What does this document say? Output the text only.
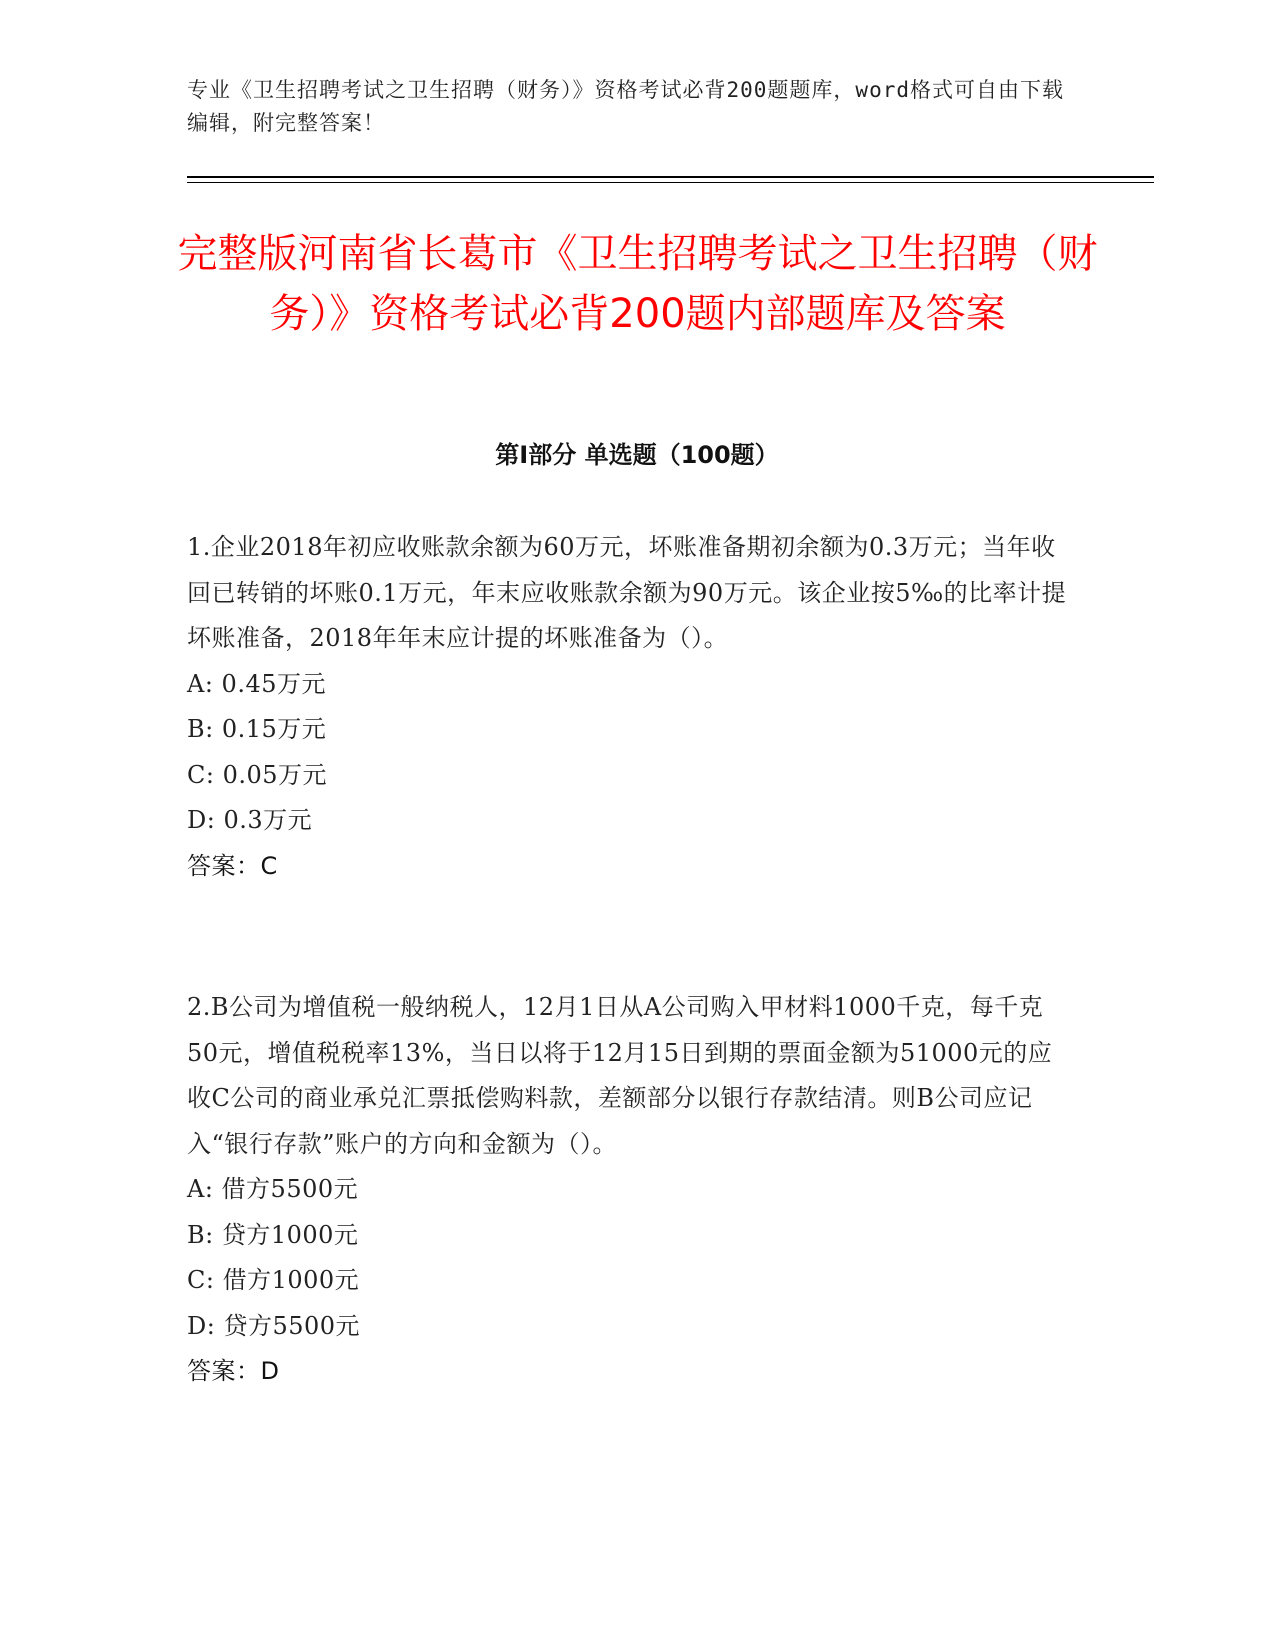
专业《卫生招聘考试之卫生招聘（财务）》资格考试必背200题题库，word格式可自由下载编辑，附完整答案！
完整版河南省长葛市《卫生招聘考试之卫生招聘（财务）》资格考试必背200题内部题库及答案
第I部分 单选题（100题）

1.企业2018年初应收账款余额为60万元，坏账准备期初余额为0.3万元；当年收回已转销的坏账0.1万元，年末应收账款余额为90万元。该企业按5‰的比率计提坏账准备，2018年年末应计提的坏账准备为（）。

A: 0.45万元

B: 0.15万元

C: 0.05万元

D: 0.3万元

答案：C

2.B公司为增值税一般纳税人，12月1日从A公司购入甲材料1000千克，每千克50元，增值税税率13%，当日以将于12月15日到期的票面金额为51000元的应收C公司的商业承兑汇票抵偿购料款，差额部分以银行存款结清。则B公司应记入“银行存款”账户的方向和金额为（）。

A: 借方5500元

B: 贷方1000元

C: 借方1000元

D: 贷方5500元

答案：D
